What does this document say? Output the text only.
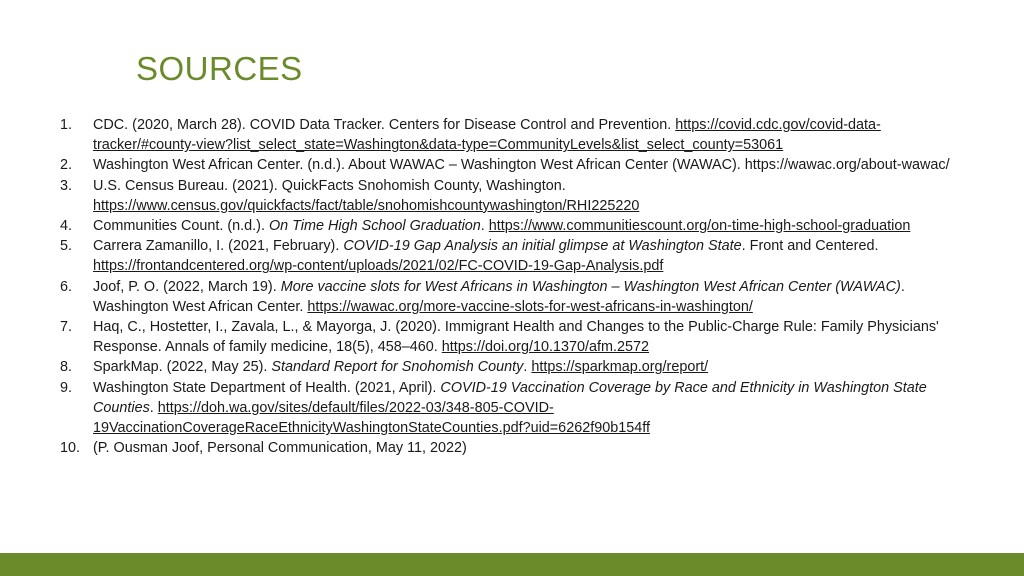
SOURCES
1. CDC. (2020, March 28). COVID Data Tracker. Centers for Disease Control and Prevention. https://covid.cdc.gov/covid-data-tracker/#county-view?list_select_state=Washington&data-type=CommunityLevels&list_select_county=53061
2. Washington West African Center. (n.d.). About WAWAC – Washington West African Center (WAWAC). https://wawac.org/about-wawac/
3. U.S. Census Bureau. (2021). QuickFacts Snohomish County, Washington.
https://www.census.gov/quickfacts/fact/table/snohomishcountywashington/RHI225220
4. Communities Count. (n.d.). On Time High School Graduation. https://www.communitiescount.org/on-time-high-school-graduation
5. Carrera Zamanillo, I. (2021, February). COVID-19 Gap Analysis an initial glimpse at Washington State. Front and Centered. https://frontandcentered.org/wp-content/uploads/2021/02/FC-COVID-19-Gap-Analysis.pdf
6. Joof, P. O. (2022, March 19). More vaccine slots for West Africans in Washington – Washington West African Center (WAWAC). Washington West African Center. https://wawac.org/more-vaccine-slots-for-west-africans-in-washington/
7. Haq, C., Hostetter, I., Zavala, L., & Mayorga, J. (2020). Immigrant Health and Changes to the Public-Charge Rule: Family Physicians' Response. Annals of family medicine, 18(5), 458–460. https://doi.org/10.1370/afm.2572
8. SparkMap. (2022, May 25). Standard Report for Snohomish County. https://sparkmap.org/report/
9. Washington State Department of Health. (2021, April). COVID-19 Vaccination Coverage by Race and Ethnicity in Washington State Counties. https://doh.wa.gov/sites/default/files/2022-03/348-805-COVID-19VaccinationCoverageRaceEthnicityWashingtonStateCounties.pdf?uid=6262f90b154ff
10. (P. Ousman Joof, Personal Communication, May 11, 2022)
